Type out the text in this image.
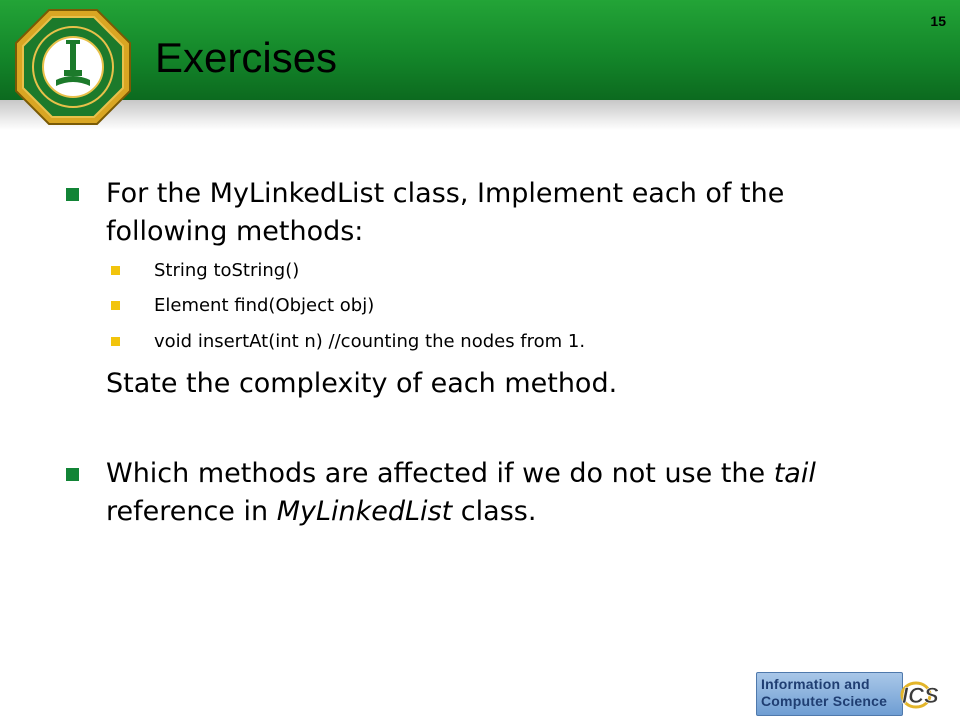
15
Exercises
For the MyLinkedList class, Implement each of the
following methods:
String toString()
Element find(Object obj)
void insertAt(int n) //counting the nodes from 1.
State the complexity of each method.
Which methods are affected if we do not use the tail
reference in MyLinkedList class.
Information and
Computer Science ICS
